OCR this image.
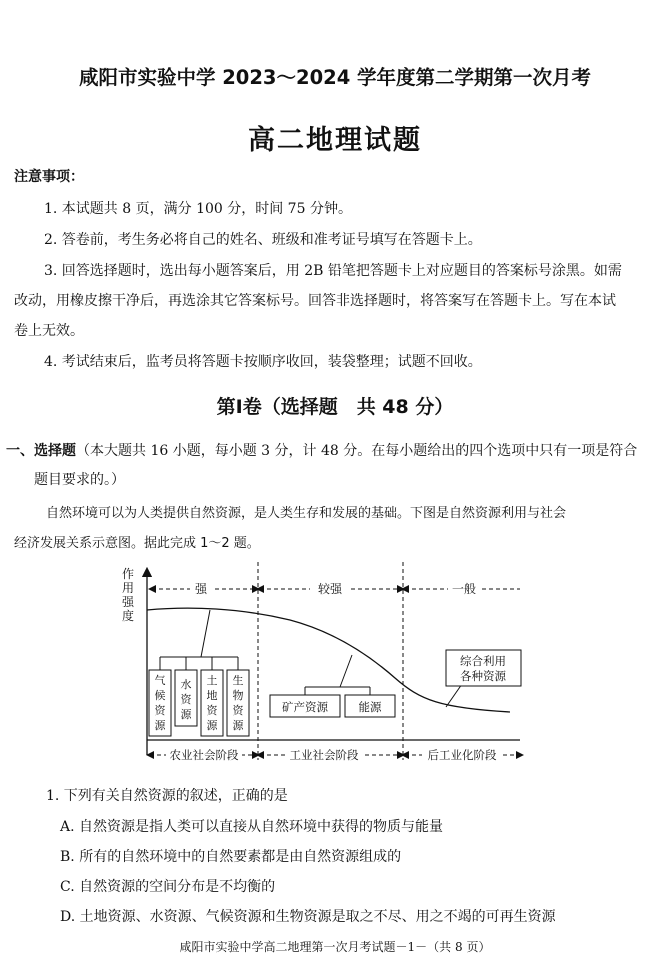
咸阳市实验中学 2023～2024 学年度第二学期第一次月考
高二地理试题
注意事项：
1. 本试题共 8 页，满分 100 分，时间 75 分钟。
2. 答卷前，考生务必将自己的姓名、班级和准考证号填写在答题卡上。
3. 回答选择题时，选出每小题答案后，用 2B 铅笔把答题卡上对应题目的答案标号涂黑。如需
改动，用橡皮擦干净后，再选涂其它答案标号。回答非选择题时，将答案写在答题卡上。写在本试
卷上无效。
4. 考试结束后，监考员将答题卡按顺序收回，装袋整理；试题不回收。
第Ⅰ卷（选择题　共 48 分）
一、选择题（本大题共 16 小题，每小题 3 分，计 48 分。在每小题给出的四个选项中只有一项是符合
题目要求的。）
自然环境可以为人类提供自然资源，是人类生存和发展的基础。下图是自然资源利用与社会
经济发展关系示意图。据此完成 1～2 题。
作
用
强
度
强	较强	一般
气
候
资
源
水
资
源
土
地
资
源
生
物
资
源
矿产资源	能源
综合利用
各种资源
农业社会阶段	工业社会阶段	后工业化阶段
1. 下列有关自然资源的叙述，正确的是
A. 自然资源是指人类可以直接从自然环境中获得的物质与能量
B. 所有的自然环境中的自然要素都是由自然资源组成的
C. 自然资源的空间分布是不均衡的
D. 土地资源、水资源、气候资源和生物资源是取之不尽、用之不竭的可再生资源
咸阳市实验中学高二地理第一次月考试题－1－（共 8 页）
